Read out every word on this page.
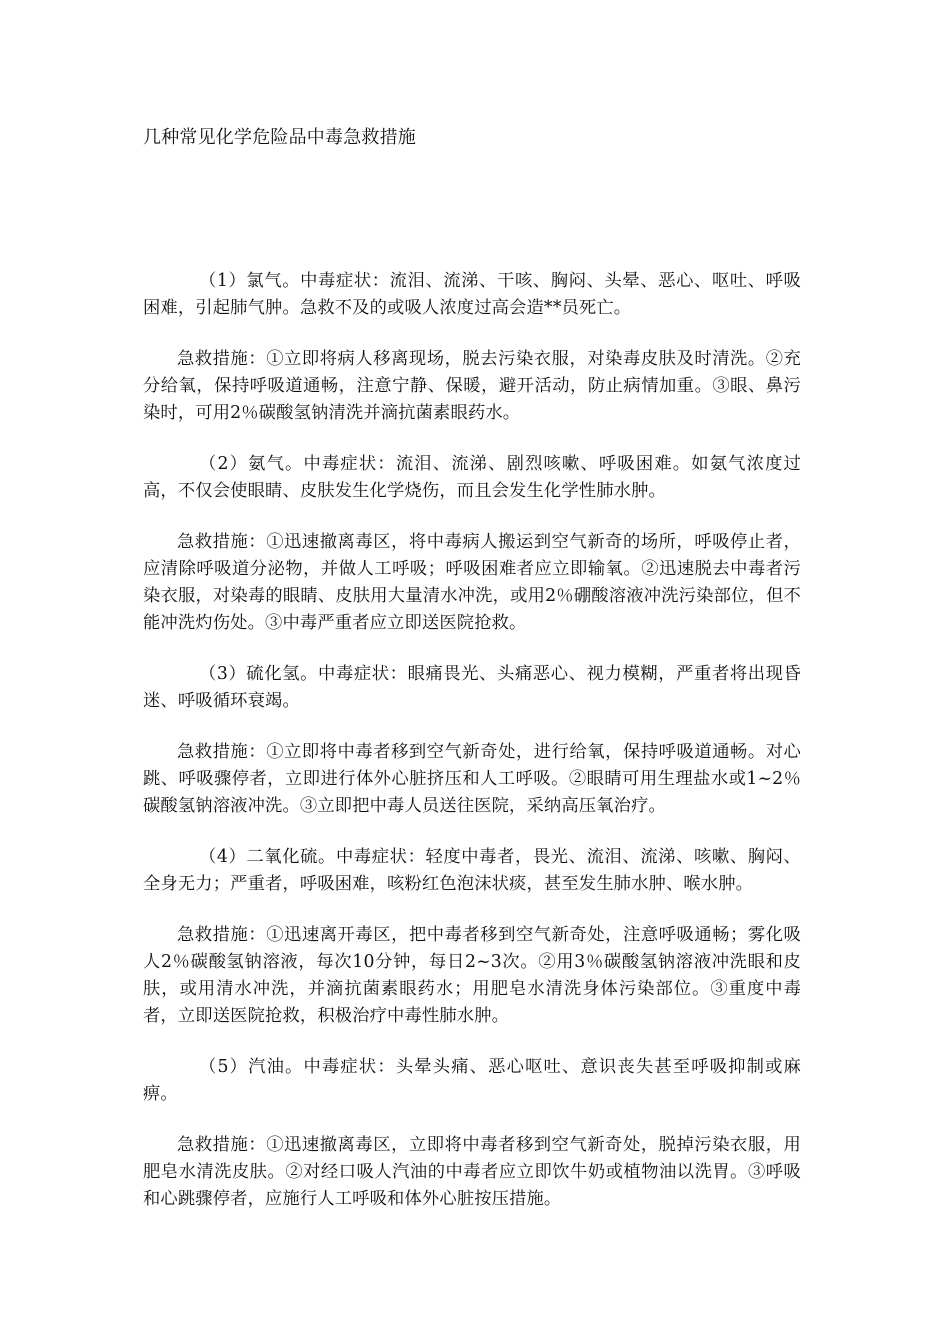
几种常见化学危险品中毒急救措施

（1）氯气。中毒症状：流泪、流涕、干咳、胸闷、头晕、恶心、呕吐、呼吸困难，引起肺气肿。急救不及的或吸人浓度过高会造**员死亡。

急救措施：①立即将病人移离现场，脱去污染衣服，对染毒皮肤及时清洗。②充分给氧，保持呼吸道通畅，注意宁静、保暖，避开活动，防止病情加重。③眼、鼻污染时，可用2％碳酸氢钠清洗并滴抗菌素眼药水。

（2）氨气。中毒症状：流泪、流涕、剧烈咳嗽、呼吸困难。如氨气浓度过高，不仅会使眼睛、皮肤发生化学烧伤，而且会发生化学性肺水肿。

急救措施：①迅速撤离毒区，将中毒病人搬运到空气新奇的场所，呼吸停止者，应清除呼吸道分泌物，并做人工呼吸；呼吸困难者应立即输氧。②迅速脱去中毒者污染衣服，对染毒的眼睛、皮肤用大量清水冲洗，或用2％硼酸溶液冲洗污染部位，但不能冲洗灼伤处。③中毒严重者应立即送医院抢救。

（3）硫化氢。中毒症状：眼痛畏光、头痛恶心、视力模糊，严重者将出现昏迷、呼吸循环衰竭。

急救措施：①立即将中毒者移到空气新奇处，进行给氧，保持呼吸道通畅。对心跳、呼吸骤停者，立即进行体外心脏挤压和人工呼吸。②眼睛可用生理盐水或1~2％碳酸氢钠溶液冲洗。③立即把中毒人员送往医院，采纳高压氧治疗。

（4）二氧化硫。中毒症状：轻度中毒者，畏光、流泪、流涕、咳嗽、胸闷、全身无力；严重者，呼吸困难，咳粉红色泡沫状痰，甚至发生肺水肿、喉水肿。

急救措施：①迅速离开毒区，把中毒者移到空气新奇处，注意呼吸通畅；雾化吸人2％碳酸氢钠溶液，每次10分钟，每日2~3次。②用3％碳酸氢钠溶液冲洗眼和皮肤，或用清水冲洗，并滴抗菌素眼药水；用肥皂水清洗身体污染部位。③重度中毒者，立即送医院抢救，积极治疗中毒性肺水肿。

（5）汽油。中毒症状：头晕头痛、恶心呕吐、意识丧失甚至呼吸抑制或麻痹。

急救措施：①迅速撤离毒区，立即将中毒者移到空气新奇处，脱掉污染衣服，用肥皂水清洗皮肤。②对经口吸人汽油的中毒者应立即饮牛奶或植物油以洗胃。③呼吸和心跳骤停者，应施行人工呼吸和体外心脏按压措施。
